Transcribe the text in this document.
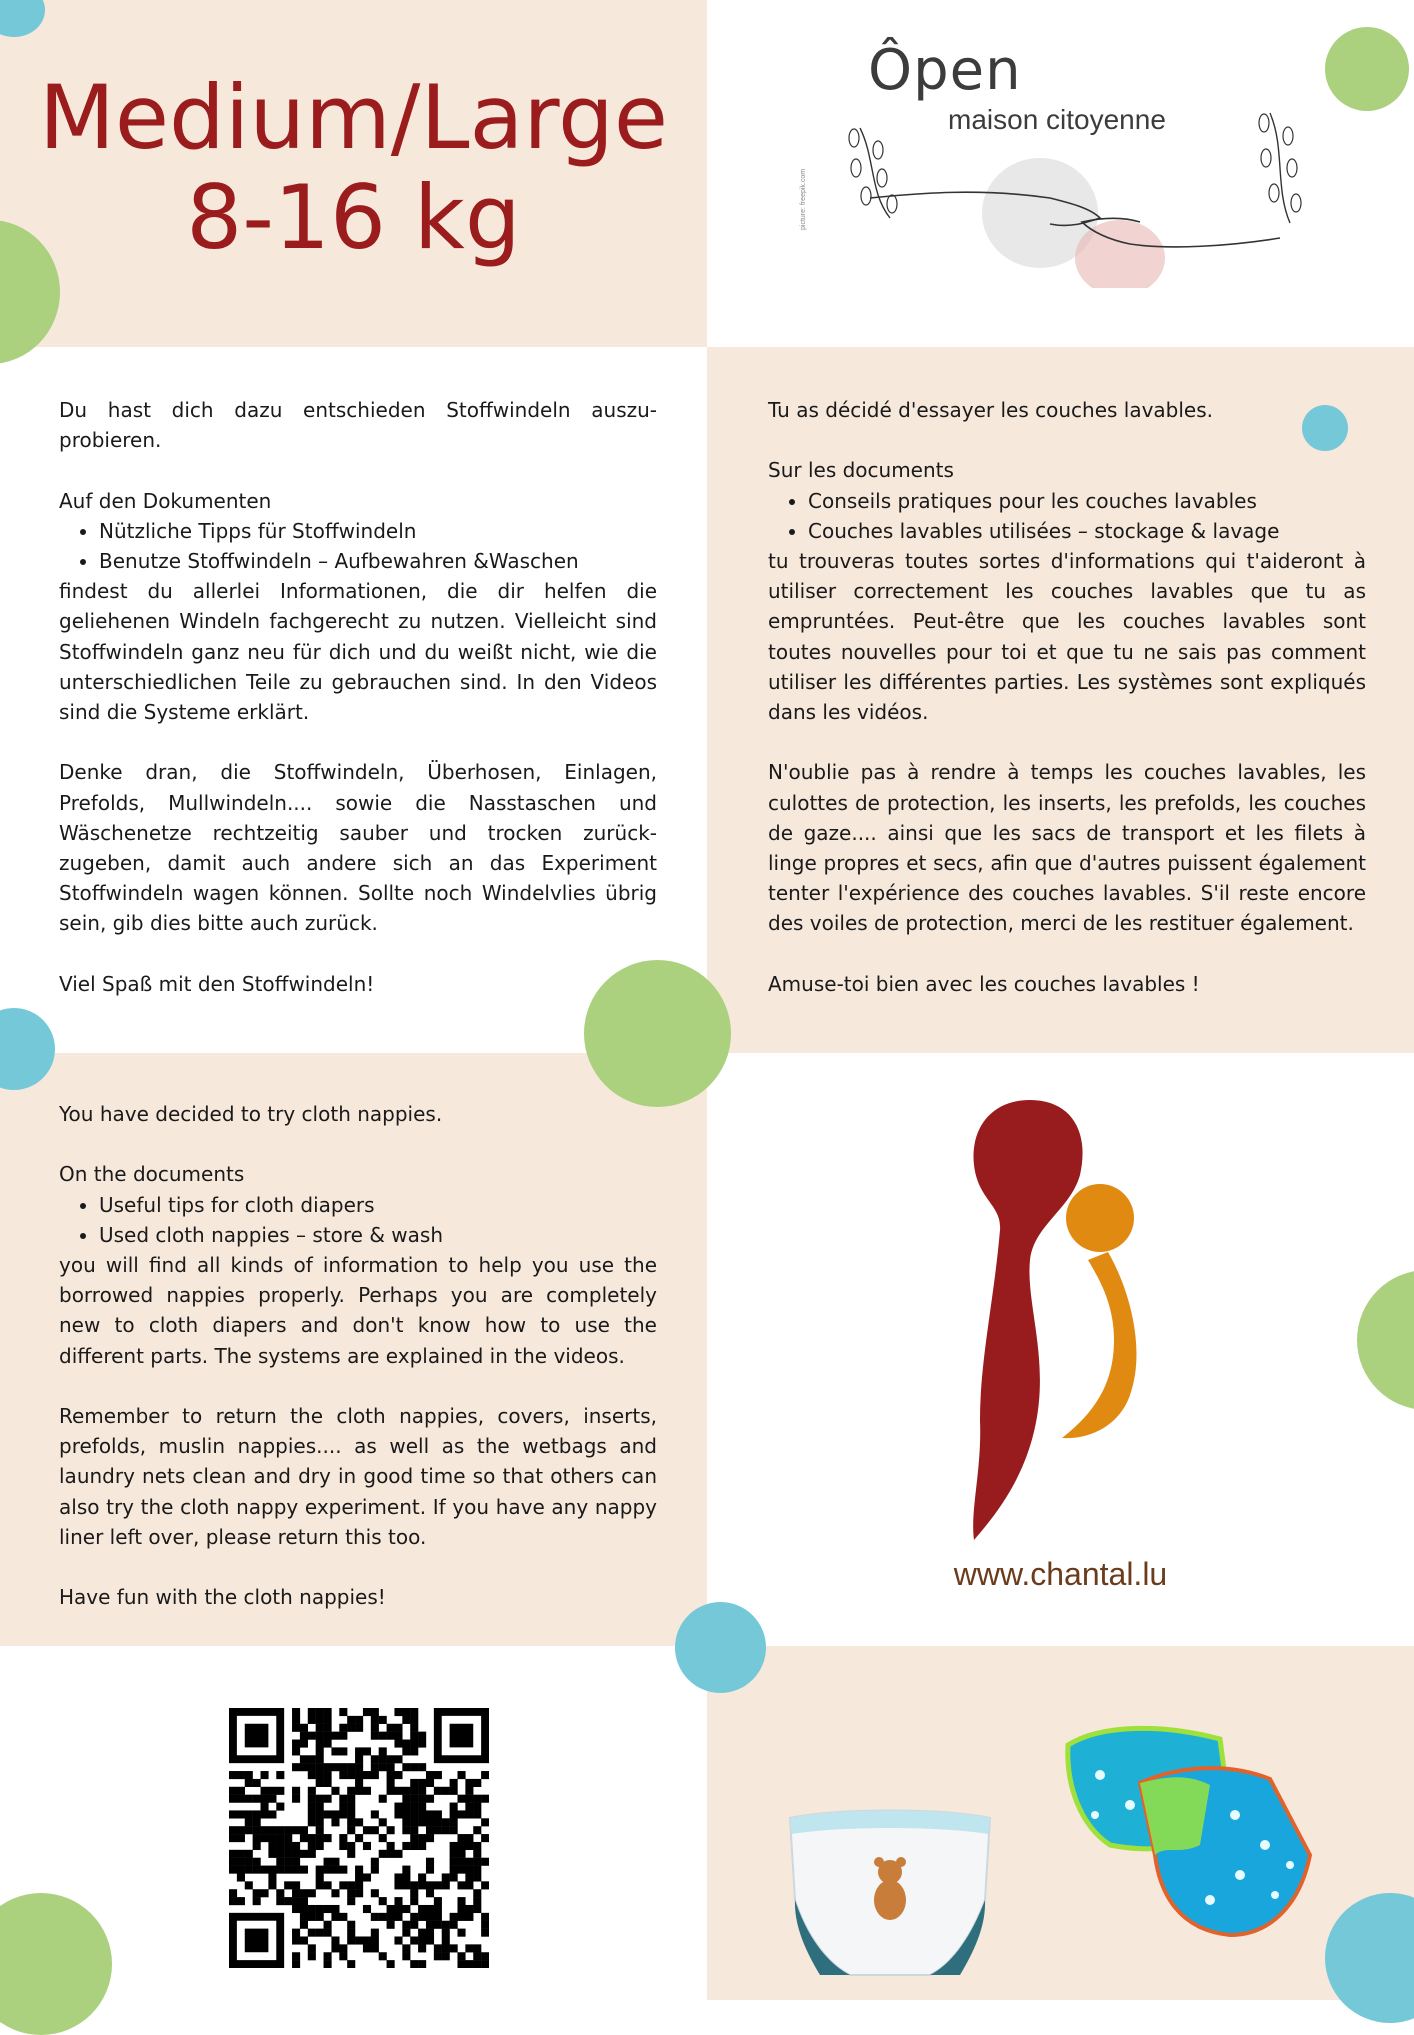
Medium/Large
8-16 kg
Ôpen
maison citoyenne
picture: freepik.com

Du hast dich dazu entschieden Stoffwindeln auszu-probieren.

Auf den Dokumenten

• Nützliche Tipps für Stoffwindeln
• Benutze Stoffwindeln – Aufbewahren &Waschen

findest du allerlei Informationen, die dir helfen die geliehenen Windeln fachgerecht zu nutzen. Vielleicht sind Stoffwindeln ganz neu für dich und du weißt nicht, wie die unterschiedlichen Teile zu gebrauchen sind. In den Videos sind die Systeme erklärt.

Denke dran, die Stoffwindeln, Überhosen, Einlagen, Prefolds, Mullwindeln.... sowie die Nasstaschen und Wäschenetze rechtzeitig sauber und trocken zurück-zugeben, damit auch andere sich an das Experiment Stoffwindeln wagen können. Sollte noch Windelvlies übrig sein, gib dies bitte auch zurück.

Viel Spaß mit den Stoffwindeln!

Tu as décidé d'essayer les couches lavables.

Sur les documents

• Conseils pratiques pour les couches lavables
• Couches lavables utilisées – stockage & lavage

tu trouveras toutes sortes d'informations qui t'aideront à utiliser correctement les couches lavables que tu as empruntées. Peut-être que les couches lavables sont toutes nouvelles pour toi et que tu ne sais pas comment utiliser les différentes parties. Les systèmes sont expliqués dans les vidéos.

N'oublie pas à rendre à temps les couches lavables, les culottes de protection, les inserts, les prefolds, les couches de gaze.... ainsi que les sacs de transport et les filets à linge propres et secs, afin que d'autres puissent également tenter l'expérience des couches lavables. S'il reste encore des voiles de protection, merci de les restituer également.

Amuse-toi bien avec les couches lavables !

You have decided to try cloth nappies.

On the documents

• Useful tips for cloth diapers
• Used cloth nappies – store & wash

you will find all kinds of information to help you use the borrowed nappies properly. Perhaps you are completely new to cloth diapers and don't know how to use the different parts. The systems are explained in the videos.

Remember to return the cloth nappies, covers, inserts, prefolds, muslin nappies.... as well as the wetbags and laundry nets clean and dry in good time so that others can also try the cloth nappy experiment. If you have any nappy liner left over, please return this too.

Have fun with the cloth nappies!

www.chantal.lu
